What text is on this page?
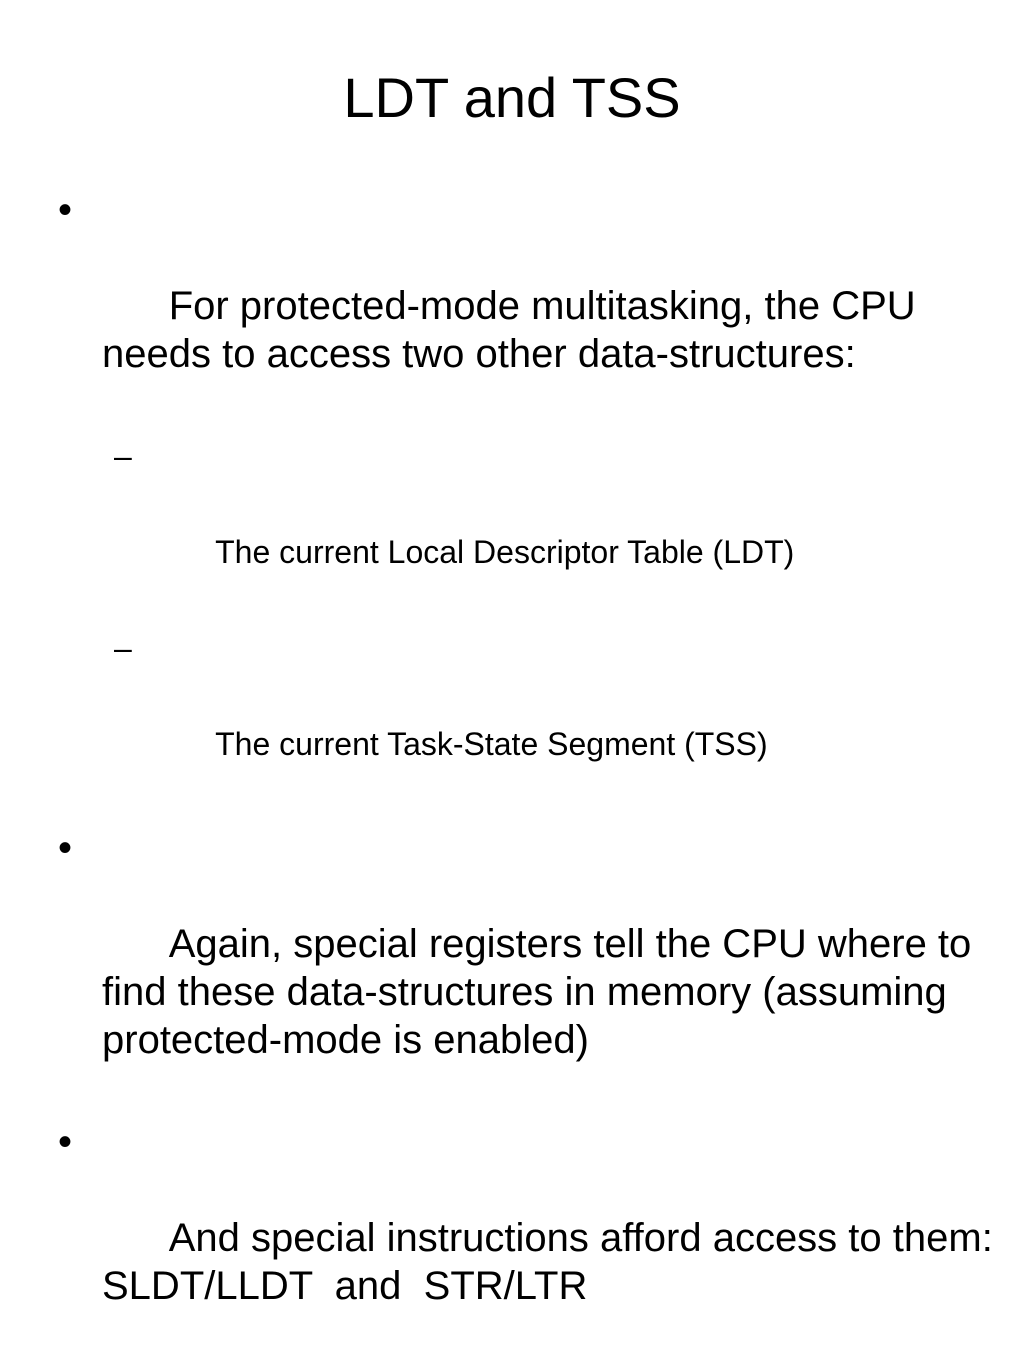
LDT and TSS

•

For protected-mode multitasking, the CPU needs to access two other data-structures:

–

The current Local Descriptor Table (LDT)

–

The current Task-State Segment (TSS)

•

Again, special registers tell the CPU where to find these data-structures in memory (assuming protected-mode is enabled)

•

And special instructions afford access to them:  SLDT/LLDT  and  STR/LTR
